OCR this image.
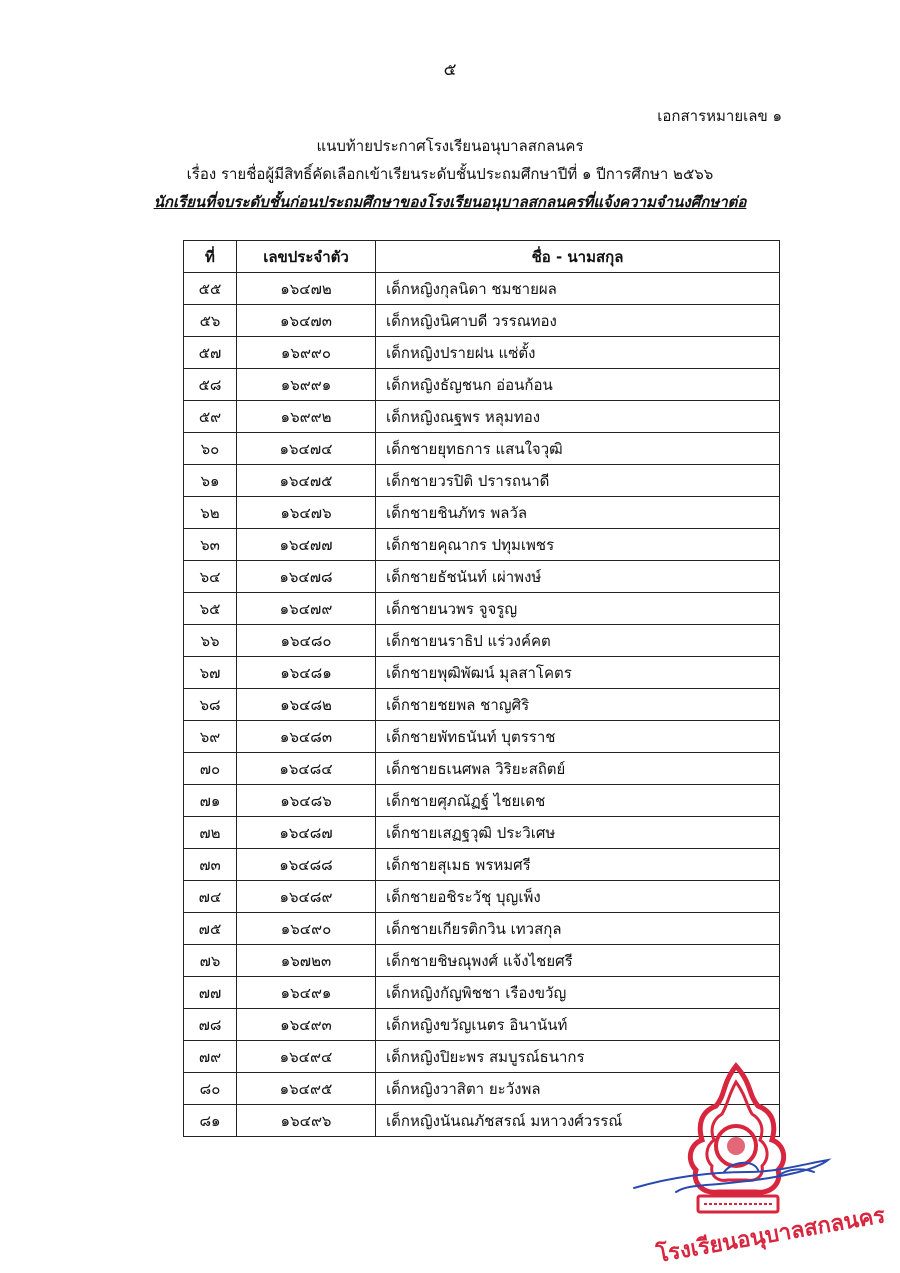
๕
เอกสารหมายเลข ๑
แนบท้ายประกาศโรงเรียนอนุบาลสกลนคร
เรื่อง รายชื่อผู้มีสิทธิ์คัดเลือกเข้าเรียนระดับชั้นประถมศึกษาปีที่ ๑ ปีการศึกษา ๒๕๖๖
นักเรียนที่จบระดับชั้นก่อนประถมศึกษาของโรงเรียนอนุบาลสกลนครที่แจ้งความจำนงศึกษาต่อ
ที่	เลขประจำตัว	ชื่อ - นามสกุล
๕๕	๑๖๔๗๒	เด็กหญิงกุลนิดา ชมชายผล
๕๖	๑๖๔๗๓	เด็กหญิงนิศาบดี วรรณทอง
๕๗	๑๖๙๙๐	เด็กหญิงปรายฝน แซ่ตั้ง
๕๘	๑๖๙๙๑	เด็กหญิงธัญชนก อ่อนก้อน
๕๙	๑๖๙๙๒	เด็กหญิงณฐพร หลุมทอง
๖๐	๑๖๔๗๔	เด็กชายยุทธการ แสนใจวุฒิ
๖๑	๑๖๔๗๕	เด็กชายวรปิติ ปรารถนาดี
๖๒	๑๖๔๗๖	เด็กชายชินภัทร พลวัล
๖๓	๑๖๔๗๗	เด็กชายคุณากร ปทุมเพชร
๖๔	๑๖๔๗๘	เด็กชายธัชนันท์ เผ่าพงษ์
๖๕	๑๖๔๗๙	เด็กชายนวพร จูจรูญ
๖๖	๑๖๔๘๐	เด็กชายนราธิป แร่วงค์คต
๖๗	๑๖๔๘๑	เด็กชายพุฒิพัฒน์ มุลสาโคตร
๖๘	๑๖๔๘๒	เด็กชายชยพล ชาญศิริ
๖๙	๑๖๔๘๓	เด็กชายพัทธนันท์ บุตรราช
๗๐	๑๖๔๘๔	เด็กชายธเนศพล วิริยะสถิตย์
๗๑	๑๖๔๘๖	เด็กชายศุภณัฏฐ์ ไชยเดช
๗๒	๑๖๔๘๗	เด็กชายเสฏฐวุฒิ ประวิเศษ
๗๓	๑๖๔๘๘	เด็กชายสุเมธ พรหมศรี
๗๔	๑๖๔๘๙	เด็กชายอชิระวัชุ บุญเพ็ง
๗๕	๑๖๔๙๐	เด็กชายเกียรติกวิน เทวสกุล
๗๖	๑๖๗๒๓	เด็กชายชิษณุพงศ์ แจ้งไชยศรี
๗๗	๑๖๔๙๑	เด็กหญิงกัญพิชชา เรืองขวัญ
๗๘	๑๖๔๙๓	เด็กหญิงขวัญเนตร อินานันท์
๗๙	๑๖๔๙๔	เด็กหญิงปิยะพร สมบูรณ์ธนากร
๘๐	๑๖๔๙๕	เด็กหญิงวาสิตา ยะวังพล
๘๑	๑๖๔๙๖	เด็กหญิงนันณภัชสรณ์ มหาวงศ์วรรณ์
โรงเรียนอนุบาลสกลนคร
